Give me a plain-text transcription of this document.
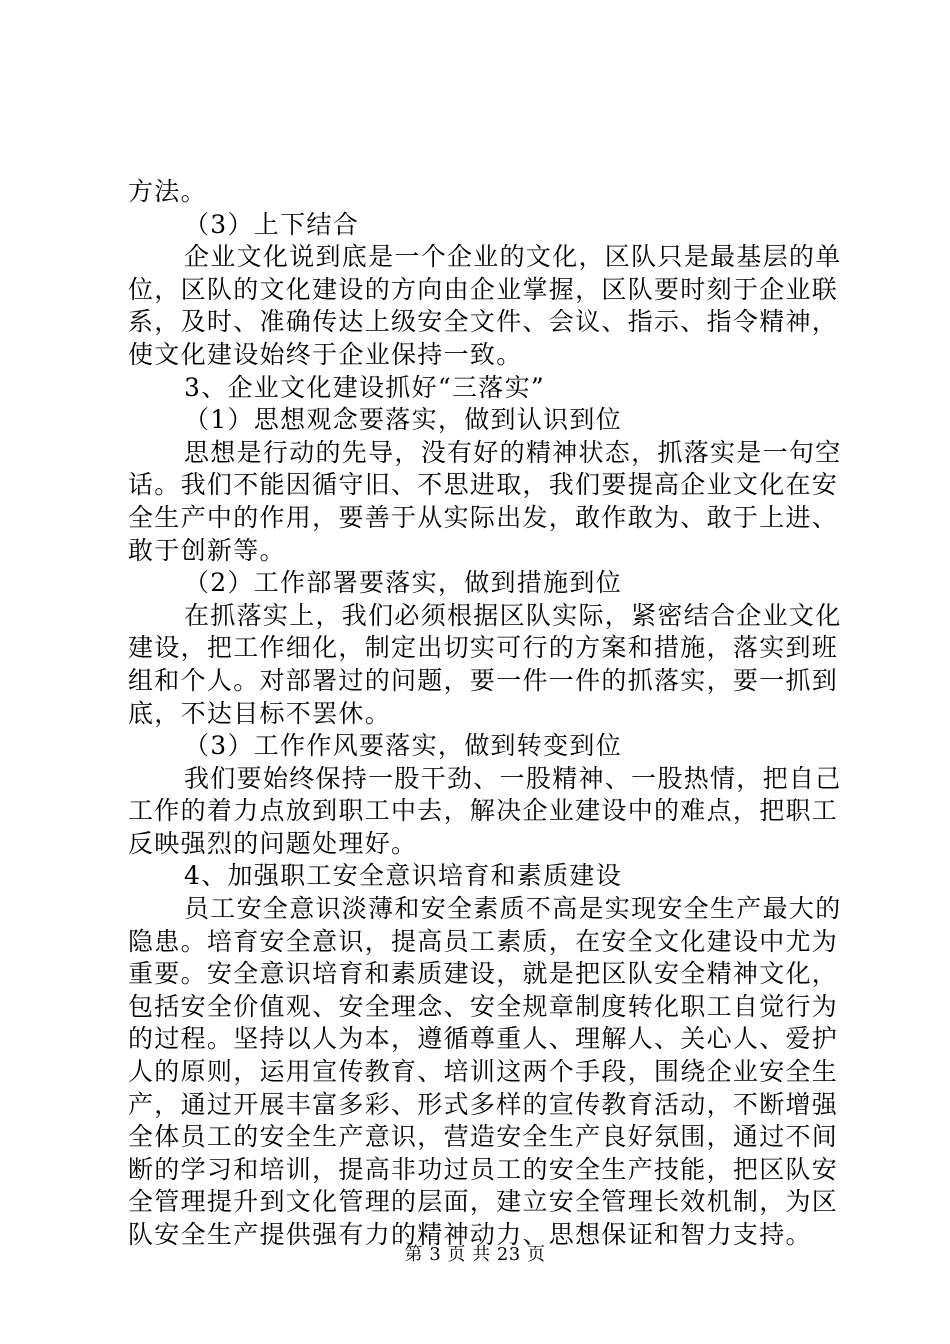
方法。
（3）上下结合
企业文化说到底是一个企业的文化，区队只是最基层的单
位，区队的文化建设的方向由企业掌握，区队要时刻于企业联
系，及时、准确传达上级安全文件、会议、指示、指令精神，
使文化建设始终于企业保持一致。
3、企业文化建设抓好“三落实”
（1）思想观念要落实，做到认识到位
思想是行动的先导，没有好的精神状态，抓落实是一句空
话。我们不能因循守旧、不思进取，我们要提高企业文化在安
全生产中的作用，要善于从实际出发，敢作敢为、敢于上进、
敢于创新等。
（2）工作部署要落实，做到措施到位
在抓落实上，我们必须根据区队实际，紧密结合企业文化
建设，把工作细化，制定出切实可行的方案和措施，落实到班
组和个人。对部署过的问题，要一件一件的抓落实，要一抓到
底，不达目标不罢休。
（3）工作作风要落实，做到转变到位
我们要始终保持一股干劲、一股精神、一股热情，把自己
工作的着力点放到职工中去，解决企业建设中的难点，把职工
反映强烈的问题处理好。
4、加强职工安全意识培育和素质建设
员工安全意识淡薄和安全素质不高是实现安全生产最大的
隐患。培育安全意识，提高员工素质，在安全文化建设中尤为
重要。安全意识培育和素质建设，就是把区队安全精神文化，
包括安全价值观、安全理念、安全规章制度转化职工自觉行为
的过程。坚持以人为本，遵循尊重人、理解人、关心人、爱护
人的原则，运用宣传教育、培训这两个手段，围绕企业安全生
产，通过开展丰富多彩、形式多样的宣传教育活动，不断增强
全体员工的安全生产意识，营造安全生产良好氛围，通过不间
断的学习和培训，提高非功过员工的安全生产技能，把区队安
全管理提升到文化管理的层面，建立安全管理长效机制，为区
队安全生产提供强有力的精神动力、思想保证和智力支持。
第 3 页 共 23 页
